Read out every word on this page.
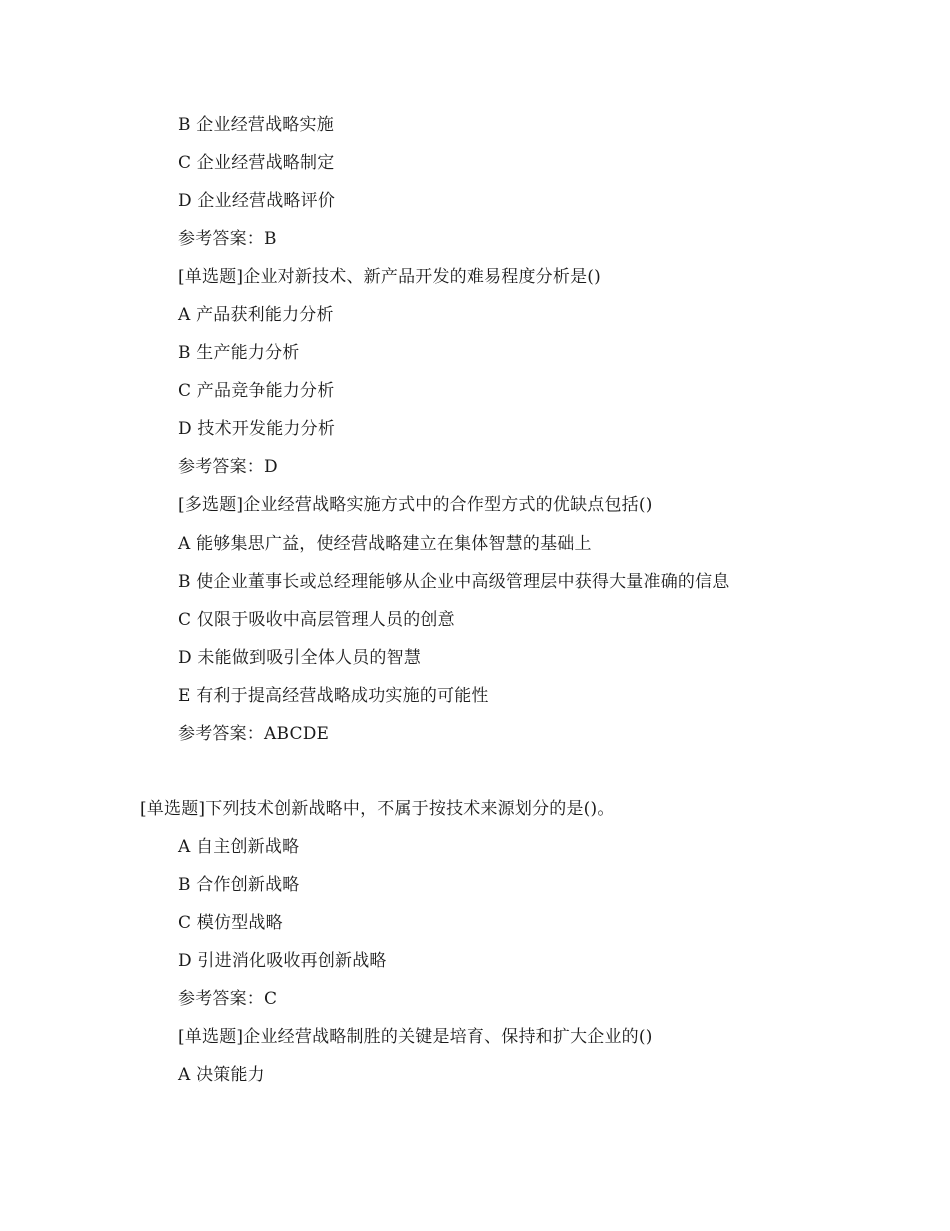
B 企业经营战略实施
C 企业经营战略制定
D 企业经营战略评价
参考答案：B
[单选题]企业对新技术、新产品开发的难易程度分析是()
A 产品获利能力分析
B 生产能力分析
C 产品竞争能力分析
D 技术开发能力分析
参考答案：D
[多选题]企业经营战略实施方式中的合作型方式的优缺点包括()
A 能够集思广益，使经营战略建立在集体智慧的基础上
B 使企业董事长或总经理能够从企业中高级管理层中获得大量准确的信息
C 仅限于吸收中高层管理人员的创意
D 未能做到吸引全体人员的智慧
E 有利于提高经营战略成功实施的可能性
参考答案：ABCDE
[单选题]下列技术创新战略中，不属于按技术来源划分的是()。
A 自主创新战略
B 合作创新战略
C 模仿型战略
D 引进消化吸收再创新战略
参考答案：C
[单选题]企业经营战略制胜的关键是培育、保持和扩大企业的()
A 决策能力
